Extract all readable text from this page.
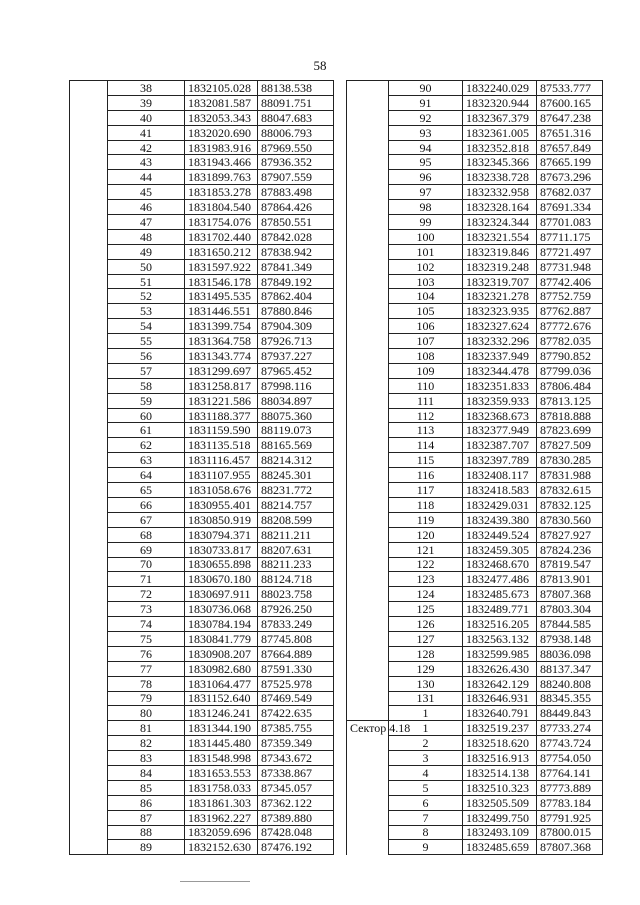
58
	38	1832105.028	88138.538
	39	1832081.587	88091.751
	40	1832053.343	88047.683
	41	1832020.690	88006.793
	42	1831983.916	87969.550
	43	1831943.466	87936.352
	44	1831899.763	87907.559
	45	1831853.278	87883.498
	46	1831804.540	87864.426
	47	1831754.076	87850.551
	48	1831702.440	87842.028
	49	1831650.212	87838.942
	50	1831597.922	87841.349
	51	1831546.178	87849.192
	52	1831495.535	87862.404
	53	1831446.551	87880.846
	54	1831399.754	87904.309
	55	1831364.758	87926.713
	56	1831343.774	87937.227
	57	1831299.697	87965.452
	58	1831258.817	87998.116
	59	1831221.586	88034.897
	60	1831188.377	88075.360
	61	1831159.590	88119.073
	62	1831135.518	88165.569
	63	1831116.457	88214.312
	64	1831107.955	88245.301
	65	1831058.676	88231.772
	66	1830955.401	88214.757
	67	1830850.919	88208.599
	68	1830794.371	88211.211
	69	1830733.817	88207.631
	70	1830655.898	88211.233
	71	1830670.180	88124.718
	72	1830697.911	88023.758
	73	1830736.068	87926.250
	74	1830784.194	87833.249
	75	1830841.779	87745.808
	76	1830908.207	87664.889
	77	1830982.680	87591.330
	78	1831064.477	87525.978
	79	1831152.640	87469.549
	80	1831246.241	87422.635
	81	1831344.190	87385.755
	82	1831445.480	87359.349
	83	1831548.998	87343.672
	84	1831653.553	87338.867
	85	1831758.033	87345.057
	86	1831861.303	87362.122
	87	1831962.227	87389.880
	88	1832059.696	87428.048
	89	1832152.630	87476.192
	90	1832240.029	87533.777
	91	1832320.944	87600.165
	92	1832367.379	87647.238
	93	1832361.005	87651.316
	94	1832352.818	87657.849
	95	1832345.366	87665.199
	96	1832338.728	87673.296
	97	1832332.958	87682.037
	98	1832328.164	87691.334
	99	1832324.344	87701.083
	100	1832321.554	87711.175
	101	1832319.846	87721.497
	102	1832319.248	87731.948
	103	1832319.707	87742.406
	104	1832321.278	87752.759
	105	1832323.935	87762.887
	106	1832327.624	87772.676
	107	1832332.296	87782.035
	108	1832337.949	87790.852
	109	1832344.478	87799.036
	110	1832351.833	87806.484
	111	1832359.933	87813.125
	112	1832368.673	87818.888
	113	1832377.949	87823.699
	114	1832387.707	87827.509
	115	1832397.789	87830.285
	116	1832408.117	87831.988
	117	1832418.583	87832.615
	118	1832429.031	87832.125
	119	1832439.380	87830.560
	120	1832449.524	87827.927
	121	1832459.305	87824.236
	122	1832468.670	87819.547
	123	1832477.486	87813.901
	124	1832485.673	87807.368
	125	1832489.771	87803.304
	126	1832516.205	87844.585
	127	1832563.132	87938.148
	128	1832599.985	88036.098
	129	1832626.430	88137.347
	130	1832642.129	88240.808
	131	1832646.931	88345.355
	1	1832640.791	88449.843

Сектор 4.18	1	1832519.237	87733.274
	2	1832518.620	87743.724
	3	1832516.913	87754.050
	4	1832514.138	87764.141
	5	1832510.323	87773.889
	6	1832505.509	87783.184
	7	1832499.750	87791.925
	8	1832493.109	87800.015
	9	1832485.659	87807.368
